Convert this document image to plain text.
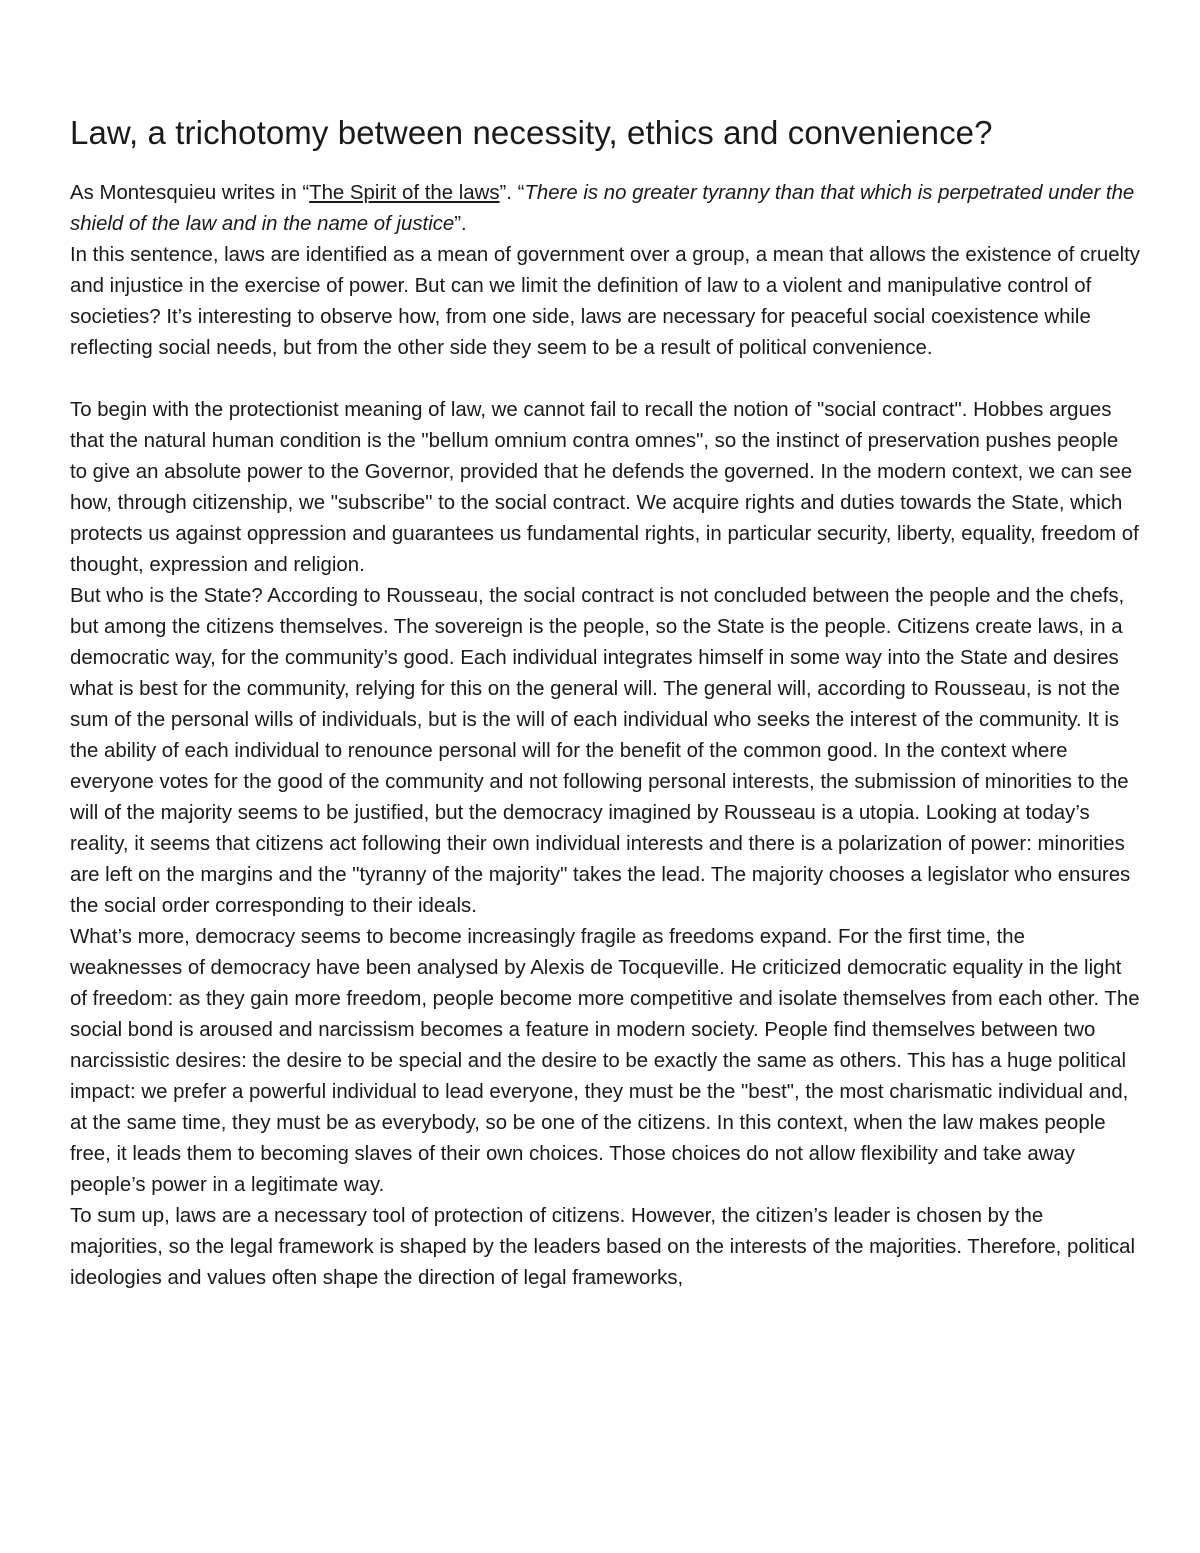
Law, a trichotomy between necessity, ethics and convenience?

As Montesquieu writes in “The Spirit of the laws”. “There is no greater tyranny than that which is perpetrated under the shield of the law and in the name of justice”.

In this sentence, laws are identified as a mean of government over a group, a mean that allows the existence of cruelty and injustice in the exercise of power. But can we limit the definition of law to a violent and manipulative control of societies? It’s interesting to observe how, from one side, laws are necessary for peaceful social coexistence while reflecting social needs, but from the other side they seem to be a result of political convenience.

To begin with the protectionist meaning of law, we cannot fail to recall the notion of "social contract". Hobbes argues that the natural human condition is the "bellum omnium contra omnes", so the instinct of preservation pushes people to give an absolute power to the Governor, provided that he defends the governed. In the modern context, we can see how, through citizenship, we "subscribe" to the social contract. We acquire rights and duties towards the State, which protects us against oppression and guarantees us fundamental rights, in particular security, liberty, equality, freedom of thought, expression and religion.

But who is the State? According to Rousseau, the social contract is not concluded between the people and the chefs, but among the citizens themselves. The sovereign is the people, so the State is the people. Citizens create laws, in a democratic way, for the community’s good. Each individual integrates himself in some way into the State and desires what is best for the community, relying for this on the general will. The general will, according to Rousseau, is not the sum of the personal wills of individuals, but is the will of each individual who seeks the interest of the community. It is the ability of each individual to renounce personal will for the benefit of the common good. In the context where everyone votes for the good of the community and not following personal interests, the submission of minorities to the will of the majority seems to be justified, but the democracy imagined by Rousseau is a utopia. Looking at today’s reality, it seems that citizens act following their own individual interests and there is a polarization of power: minorities are left on the margins and the "tyranny of the majority" takes the lead. The majority chooses a legislator who ensures the social order corresponding to their ideals.

What’s more, democracy seems to become increasingly fragile as freedoms expand. For the first time, the weaknesses of democracy have been analysed by Alexis de Tocqueville. He criticized democratic equality in the light of freedom: as they gain more freedom, people become more competitive and isolate themselves from each other. The social bond is aroused and narcissism becomes a feature in modern society. People find themselves between two narcissistic desires: the desire to be special and the desire to be exactly the same as others. This has a huge political impact: we prefer a powerful individual to lead everyone, they must be the "best", the most charismatic individual and, at the same time, they must be as everybody, so be one of the citizens. In this context, when the law makes people free, it leads them to becoming slaves of their own choices. Those choices do not allow flexibility and take away people’s power in a legitimate way.

To sum up, laws are a necessary tool of protection of citizens. However, the citizen’s leader is chosen by the majorities, so the legal framework is shaped by the leaders based on the interests of the majorities. Therefore, political ideologies and values often shape the direction of legal frameworks,
